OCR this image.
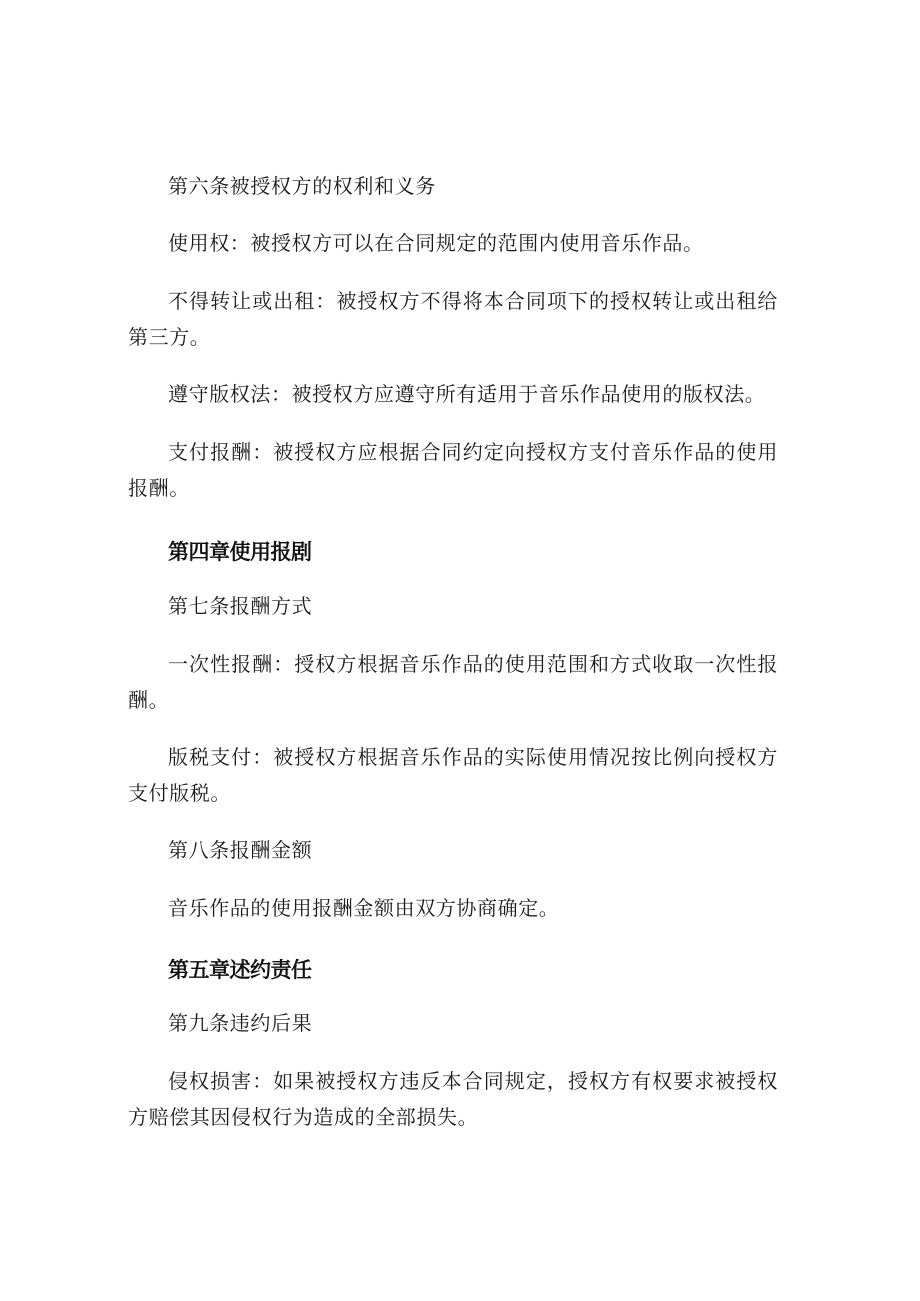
第六条被授权方的权利和义务

使用权：被授权方可以在合同规定的范围内使用音乐作品。

不得转让或出租：被授权方不得将本合同项下的授权转让或出租给第三方。

遵守版权法：被授权方应遵守所有适用于音乐作品使用的版权法。

支付报酬：被授权方应根据合同约定向授权方支付音乐作品的使用报酬。

第四章使用报剧

第七条报酬方式

一次性报酬：授权方根据音乐作品的使用范围和方式收取一次性报酬。

版税支付：被授权方根据音乐作品的实际使用情况按比例向授权方支付版税。

第八条报酬金额

音乐作品的使用报酬金额由双方协商确定。

第五章述约责任

第九条违约后果

侵权损害：如果被授权方违反本合同规定，授权方有权要求被授权方赔偿其因侵权行为造成的全部损失。
